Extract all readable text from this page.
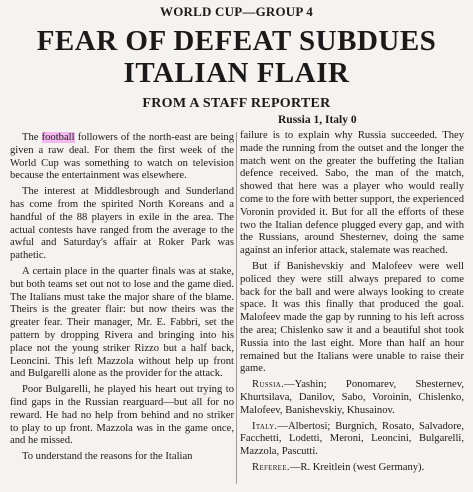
WORLD CUP—GROUP 4
FEAR OF DEFEAT SUBDUES
ITALIAN FLAIR
FROM A STAFF REPORTER
Russia 1, Italy 0

The football followers of the north-east are being given a raw deal. For them the first week of the World Cup was something to watch on television because the entertainment was elsewhere.

The interest at Middlesbrough and Sunderland has come from the spirited North Koreans and a handful of the 88 players in exile in the area. The actual contests have ranged from the average to the awful and Saturday's affair at Roker Park was pathetic.

A certain place in the quarter finals was at stake, but both teams set out not to lose and the game died. The Italians must take the major share of the blame. Theirs is the greater flair: but now theirs was the greater fear. Their manager, Mr. E. Fabbri, set the pattern by dropping Rivera and bringing into his place not the young striker Rizzo but a half back, Leoncini. This left Mazzola without help up front and Bulgarelli alone as the provider for the attack.

Poor Bulgarelli, he played his heart out trying to find gaps in the Russian rearguard—but all for no reward. He had no help from behind and no striker to play to up front. Mazzola was in the game once, and he missed.

To understand the reasons for the Italian

failure is to explain why Russia succeeded. They made the running from the outset and the longer the match went on the greater the buffeting the Italian defence received. Sabo, the man of the match, showed that here was a player who would really come to the fore with better support, the experienced Voronin provided it. But for all the efforts of these two the Italian defence plugged every gap, and with the Russians, around Shesternev, doing the same against an inferior attack, stalemate was reached.

But if Banishevskiy and Malofeev were well policed they were still always prepared to come back for the ball and were always looking to create space. It was this finally that produced the goal. Malofeev made the gap by running to his left across the area; Chislenko saw it and a beautiful shot took Russia into the last eight. More than half an hour remained but the Italians were unable to raise their game.

Russia.—Yashin; Ponomarev, Shesternev, Khurtsilava, Danilov, Sabo, Voroinin, Chislenko, Malofeev, Banishevskiy, Khusainov.

Italy.—Albertosi; Burgnich, Rosato, Salvadore, Facchetti, Lodetti, Meroni, Leoncini, Bulgarelli, Mazzola, Pascutti.

Referee.—R. Kreitlein (west Germany).
